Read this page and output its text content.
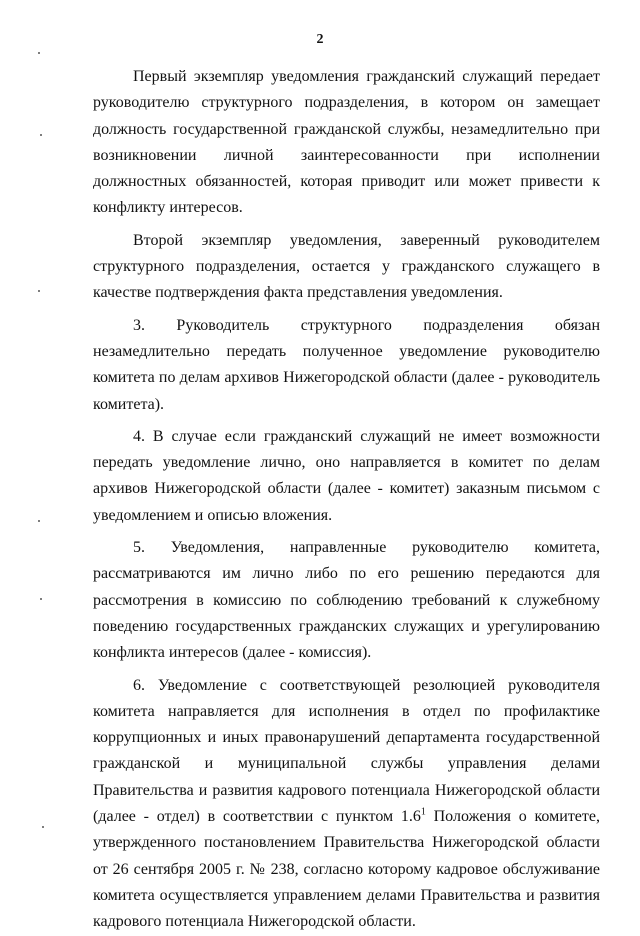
2

Первый экземпляр уведомления гражданский служащий передает руководителю структурного подразделения, в котором он замещает должность государственной гражданской службы, незамедлительно при возникновении личной заинтересованности при исполнении должностных обязанностей, которая приводит или может привести к конфликту интересов.

Второй экземпляр уведомления, заверенный руководителем структурного подразделения, остается у гражданского служащего в качестве подтверждения факта представления уведомления.

3. Руководитель структурного подразделения обязан незамедлительно передать полученное уведомление руководителю комитета по делам архивов Нижегородской области (далее - руководитель комитета).

4. В случае если гражданский служащий не имеет возможности передать уведомление лично, оно направляется в комитет по делам архивов Нижегородской области (далее - комитет) заказным письмом с уведомлением и описью вложения.

5. Уведомления, направленные руководителю комитета, рассматриваются им лично либо по его решению передаются для рассмотрения в комиссию по соблюдению требований к служебному поведению государственных гражданских служащих и урегулированию конфликта интересов (далее - комиссия).

6. Уведомление с соответствующей резолюцией руководителя комитета направляется для исполнения в отдел по профилактике коррупционных и иных правонарушений департамента государственной гражданской и муниципальной службы управления делами Правительства и развития кадрового потенциала Нижегородской области (далее - отдел) в соответствии с пунктом $1.6^1$ Положения о комитете, утвержденного постановлением Правительства Нижегородской области от 26 сентября 2005 г. № 238, согласно которому кадровое обслуживание комитета осуществляется управлением делами Правительства и развития кадрового потенциала Нижегородской области.
